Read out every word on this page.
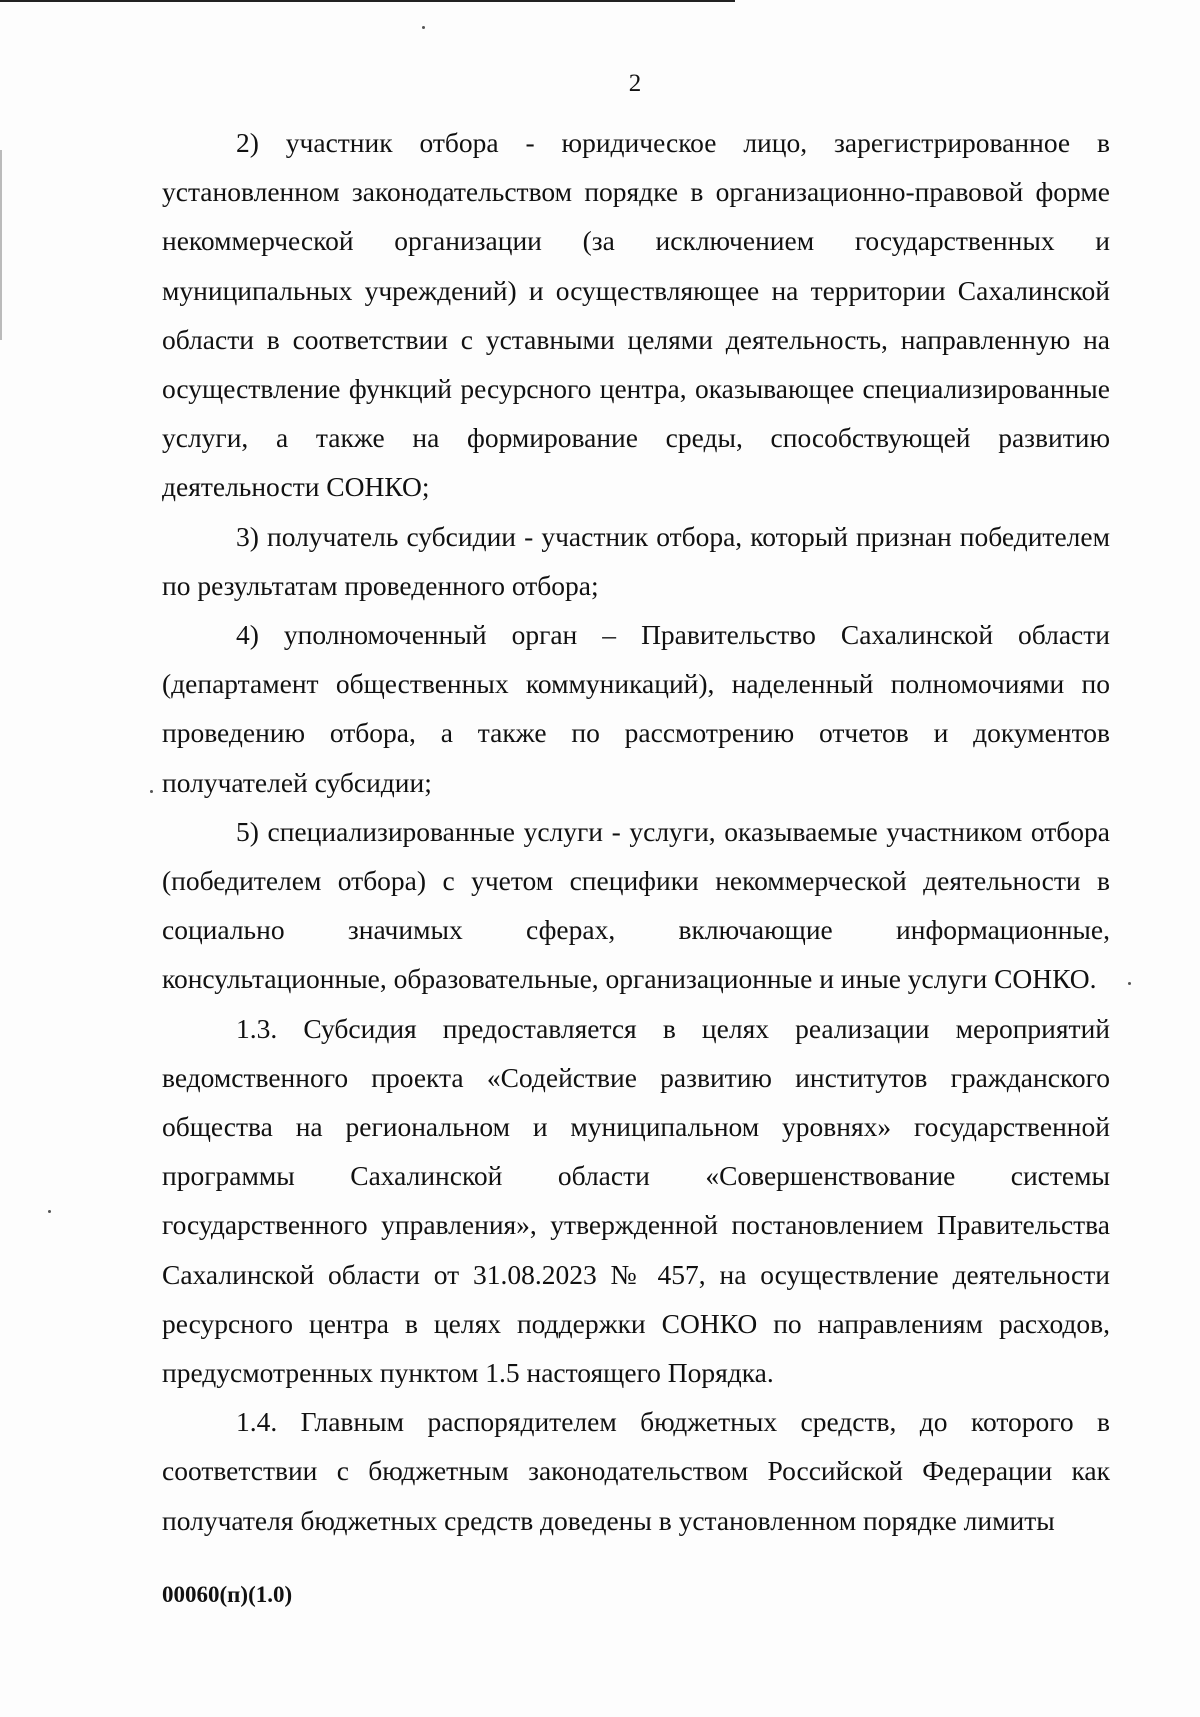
2

2) участник отбора - юридическое лицо, зарегистрированное в установленном законодательством порядке в организационно-правовой форме некоммерческой организации (за исключением государственных и муниципальных учреждений) и осуществляющее на территории Сахалинской области в соответствии с уставными целями деятельность, направленную на осуществление функций ресурсного центра, оказывающее специализированные услуги, а также на формирование среды, способствующей развитию деятельности СОНКО;

3) получатель субсидии - участник отбора, который признан победителем по результатам проведенного отбора;

4) уполномоченный орган – Правительство Сахалинской области (департамент общественных коммуникаций), наделенный полномочиями по проведению отбора, а также по рассмотрению отчетов и документов получателей субсидии;

5) специализированные услуги - услуги, оказываемые участником отбора (победителем отбора) с учетом специфики некоммерческой деятельности в социально значимых сферах, включающие информационные, консультационные, образовательные, организационные и иные услуги СОНКО.

1.3. Субсидия предоставляется в целях реализации мероприятий ведомственного проекта «Содействие развитию институтов гражданского общества на региональном и муниципальном уровнях» государственной программы Сахалинской области «Совершенствование системы государственного управления», утвержденной постановлением Правительства Сахалинской области от 31.08.2023 № 457, на осуществление деятельности ресурсного центра в целях поддержки СОНКО по направлениям расходов, предусмотренных пунктом 1.5 настоящего Порядка.

1.4. Главным распорядителем бюджетных средств, до которого в соответствии с бюджетным законодательством Российской Федерации как получателя бюджетных средств доведены в установленном порядке лимиты

00060(п)(1.0)
